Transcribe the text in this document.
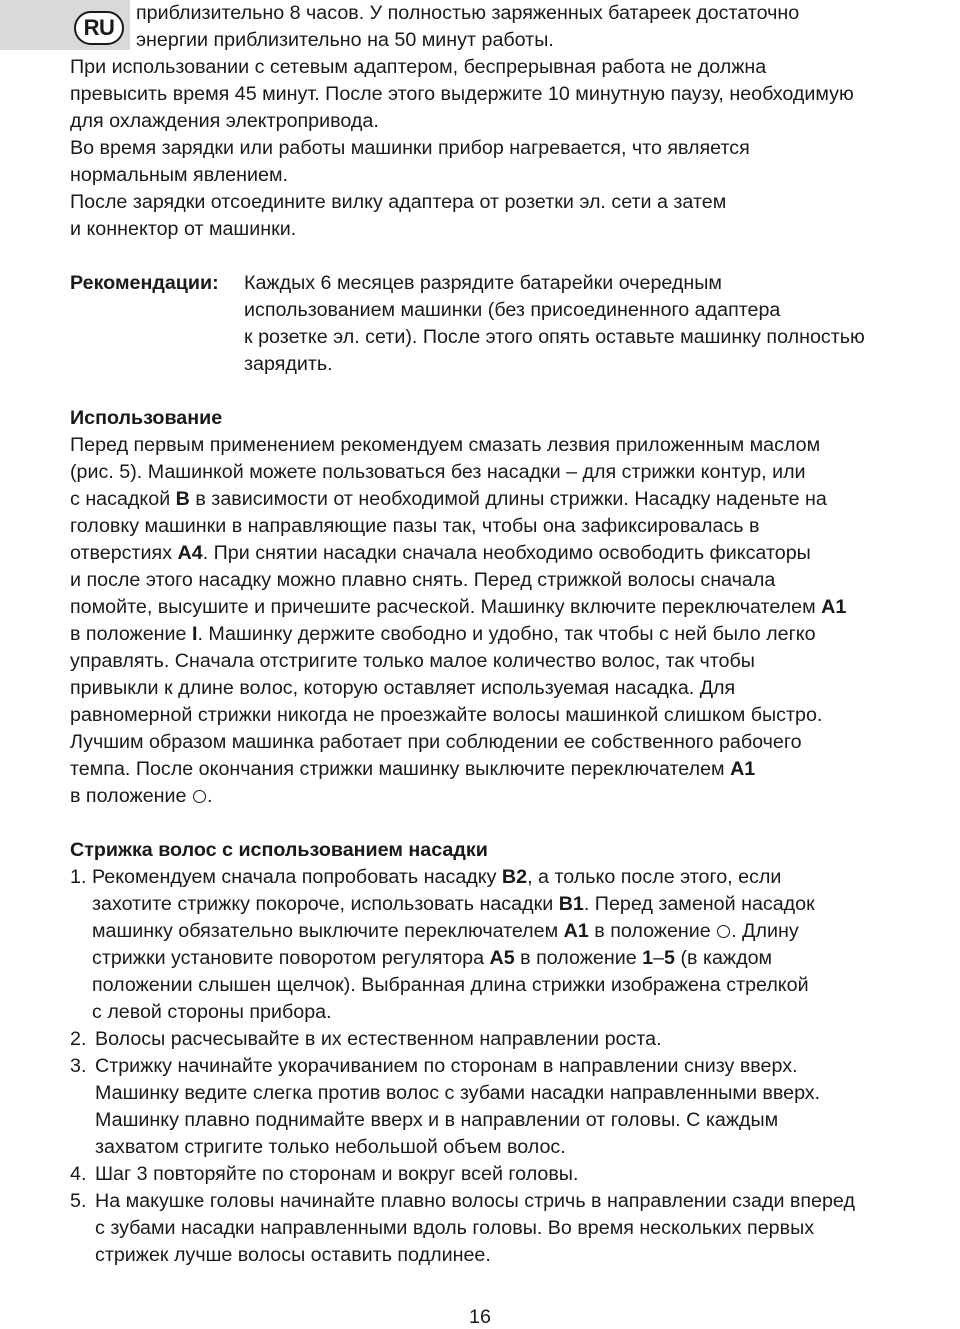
RU
приблизительно 8 часов. У полностью заряженных батареек достаточно
энергии приблизительно на 50 минут работы.
При использовании с сетевым адаптером, беспрерывная работа не должна
превысить время 45 минут. После этого выдержите 10 минутную паузу, необходимую
для охлаждения электропривода.
Во время зарядки или работы машинки прибор нагревается, что является
нормальным явлением.
После зарядки отсоедините вилку адаптера от розетки эл. сети а затем
и коннектор от машинки.
Рекомендации:	Каждых 6 месяцев разрядите батарейки очередным
использованием машинки (без присоединенного адаптера
к розетке эл. сети). После этого опять оставьте машинку полностью
зарядить.
Использование
Перед первым применением рекомендуем смазать лезвия приложенным маслом
(рис. 5). Машинкой можете пользоваться без насадки – для стрижки контур, или
с насадкой B в зависимости от необходимой длины стрижки. Насадку наденьте на
головку машинки в направляющие пазы так, чтобы она зафиксировалась в
отверстиях A4. При снятии насадки сначала необходимо освободить фиксаторы
и после этого насадку можно плавно снять. Перед стрижкой волосы сначала
помойте, высушите и причешите расческой. Машинку включите переключателем A1
в положение I. Машинку держите свободно и удобно, так чтобы с ней было легко
управлять. Сначала отстригите только малое количество волос, так чтобы
привыкли к длине волос, которую оставляет используемая насадка. Для
равномерной стрижки никогда не проезжайте волосы машинкой слишком быстро.
Лучшим образом машинка работает при соблюдении ее собственного рабочего
темпа. После окончания стрижки машинку выключите переключателем A1
в положение .
Стрижка волос с использованием насадки
1. Рекомендуем сначала попробовать насадку B2, а только после этого, если
захотите стрижку покороче, использовать насадки B1. Перед заменой насадок
машинку обязательно выключите переключателем A1 в положение . Длину
стрижки установите поворотом регулятора A5 в положение 1–5 (в каждом
положении слышен щелчок). Выбранная длина стрижки изображена стрелкой
с левой стороны прибора.
2. Волосы расчесывайте в их естественном направлении роста.
3. Стрижку начинайте укорачиванием по сторонам в направлении снизу вверх.
Машинку ведите слегка против волос с зубами насадки направленными вверх.
Машинку плавно поднимайте вверх и в направлении от головы. С каждым
захватом стригите только небольшой объем волос.
4. Шаг 3 повторяйте по сторонам и вокруг всей головы.
5. На макушке головы начинайте плавно волосы стричь в направлении сзади вперед
с зубами насадки направленными вдоль головы. Во время нескольких первых
стрижек лучше волосы оставить подлинее.
16
